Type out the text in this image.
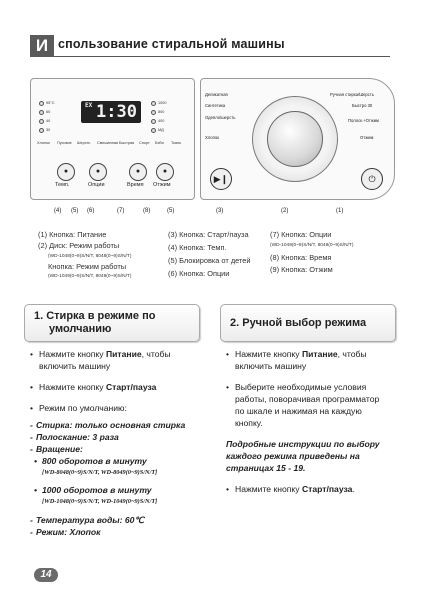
И спользование стиральной машины
95°C
60
40
30
EX 1:30	1000
800
400
МД
Хлопок Пуховое Шерсть Смешанная Быстрая Спорт Бэби Ткань
●
Темп.
●
Опции
●
Время
●
Отжим
Деликатная
Синтетика
Одеяло/шерсть
Хлопок
Ручная стирка/Шерсть
Быстро 30
Полоск.+Отжим
Отжим
▶❙	⏻
(4) (5) (6)	(7)	(8)	(5)	(3)	(2)	(1)

(1) Кнопка: Питание

(2) Диск: Режим работы

(WD-1048(0~9)S/N/T, 8048(0~9)S/N/T)

Кнопка: Режим работы

(WD-1049(0~9)S/N/T, 8049(0~9)S/N/T)

(3) Кнопка: Старт/пауза

(4) Кнопка: Темп.

(5) Блокировка от детей

(6) Кнопка: Опции

(7) Кнопка: Опции

(WD-1049(0~9)S/N/T, 8048(0~9)S/N/T)

(8) Кнопка: Время

(9) Кнопка: Отжим

1. Стирка в режиме по
умолчанию	2. Ручной выбор режима
• Нажмите кнопку Питание, чтобы
включить машину
• Нажмите кнопку Старт/пауза
• Режим по умолчанию:
- Стирка: только основная стирка
- Полоскание: 3 раза
- Вращение:
• 800 оборотов в минуту
[WD-8048(0~9)S/N/T, WD-8049(0~9)S/N/T]
• 1000 оборотов в минуту
[WD-1048(0~9)S/N/T, WD-1049(0~9)S/N/T]
- Температура воды: 60℃
- Режим: Хлопок
• Нажмите кнопку Питание, чтобы
включить машину
• Выберите необходимые условия
работы, поворачивая программатор
по шкале и нажимая на каждую
кнопку.
Подробные инструкции по выбору
каждого режима приведены на
страницах 15 - 19.
• Нажмите кнопку Старт/пауза.
14
